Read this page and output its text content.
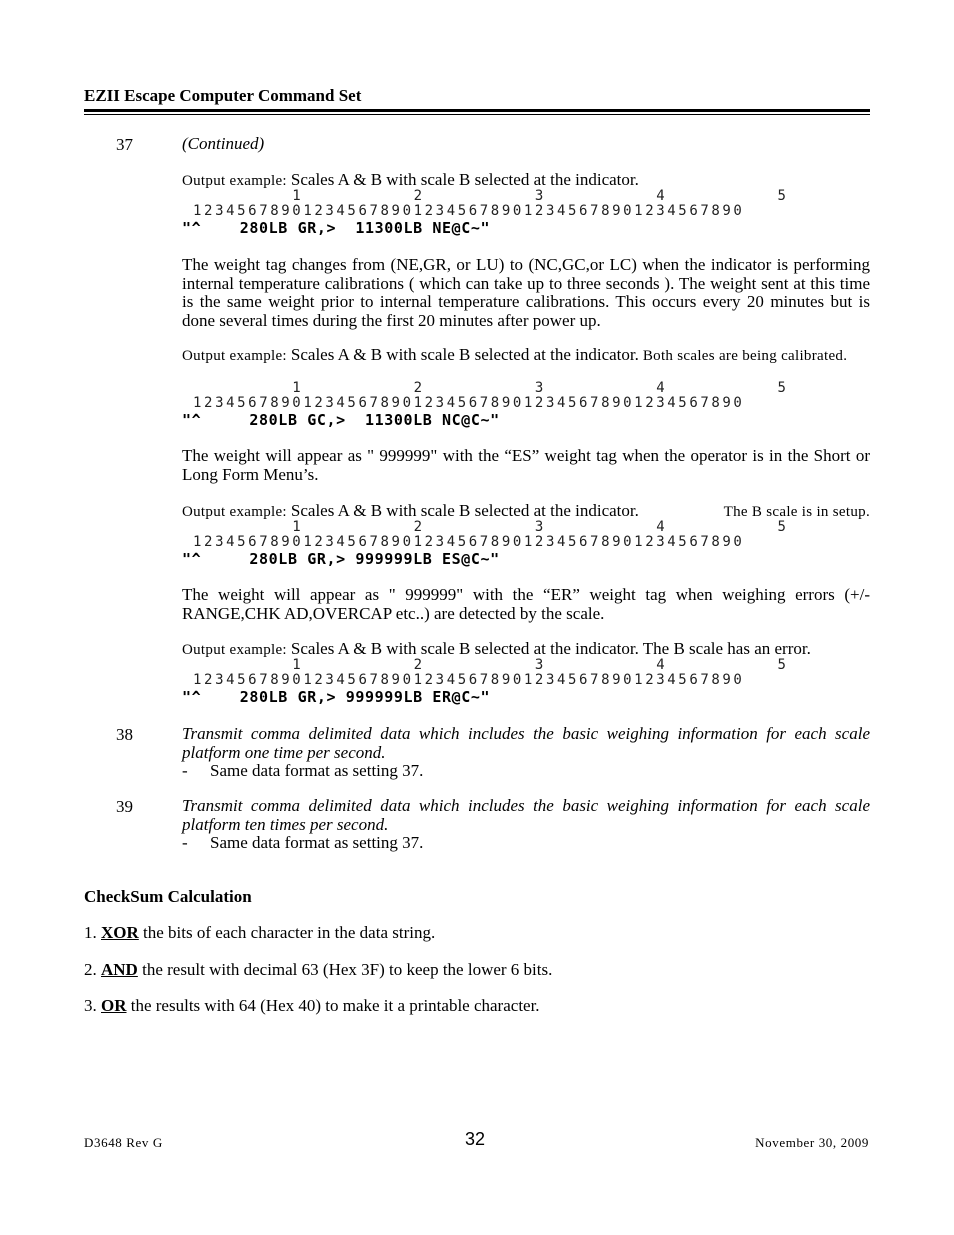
EZII Escape Computer Command Set
37	(Continued)
Output example: Scales A & B with scale B selected at the indicator.
1          2          3          4          5
12345678901234567890123456789012345678901234567890
"^    280LB GR,>  11300LB NE@C~"
The weight tag changes from (NE,GR, or LU) to (NC,GC,or LC) when the indicator is performing internal temperature calibrations ( which can take up to three seconds ). The weight sent at this time is the same weight prior to internal temperature calibrations. This occurs every 20 minutes but is done several times during the first 20 minutes after power up.
Output example: Scales A & B with scale B selected at the indicator. Both scales are being calibrated.
1          2          3          4          5
12345678901234567890123456789012345678901234567890
"^     280LB GC,>  11300LB NC@C~"
The weight will appear as " 999999" with the “ES” weight tag when the operator is in the Short or Long Form Menu’s.
Output example: Scales A & B with scale B selected at the indicator.	The B scale is in setup.
1          2          3          4          5
12345678901234567890123456789012345678901234567890
"^     280LB GR,> 999999LB ES@C~"
The weight will appear as " 999999" with the “ER” weight tag when weighing errors (+/- RANGE,CHK AD,OVERCAP etc..) are detected by the scale.
Output example: Scales A & B with scale B selected at the indicator. The B scale has an error.
1          2          3          4          5
12345678901234567890123456789012345678901234567890
"^    280LB GR,> 999999LB ER@C~"
38	Transmit comma delimited data which includes the basic weighing information for each scale platform one time per second.
- Same data format as setting 37.
39	Transmit comma delimited data which includes the basic weighing information for each scale platform ten times per second.
- Same data format as setting 37.
CheckSum Calculation
1. XOR the bits of each character in the data string.
2. AND the result with decimal 63 (Hex 3F) to keep the lower 6 bits.
3. OR the results with 64 (Hex 40) to make it a printable character.
D3648 Rev G	32	November 30, 2009
